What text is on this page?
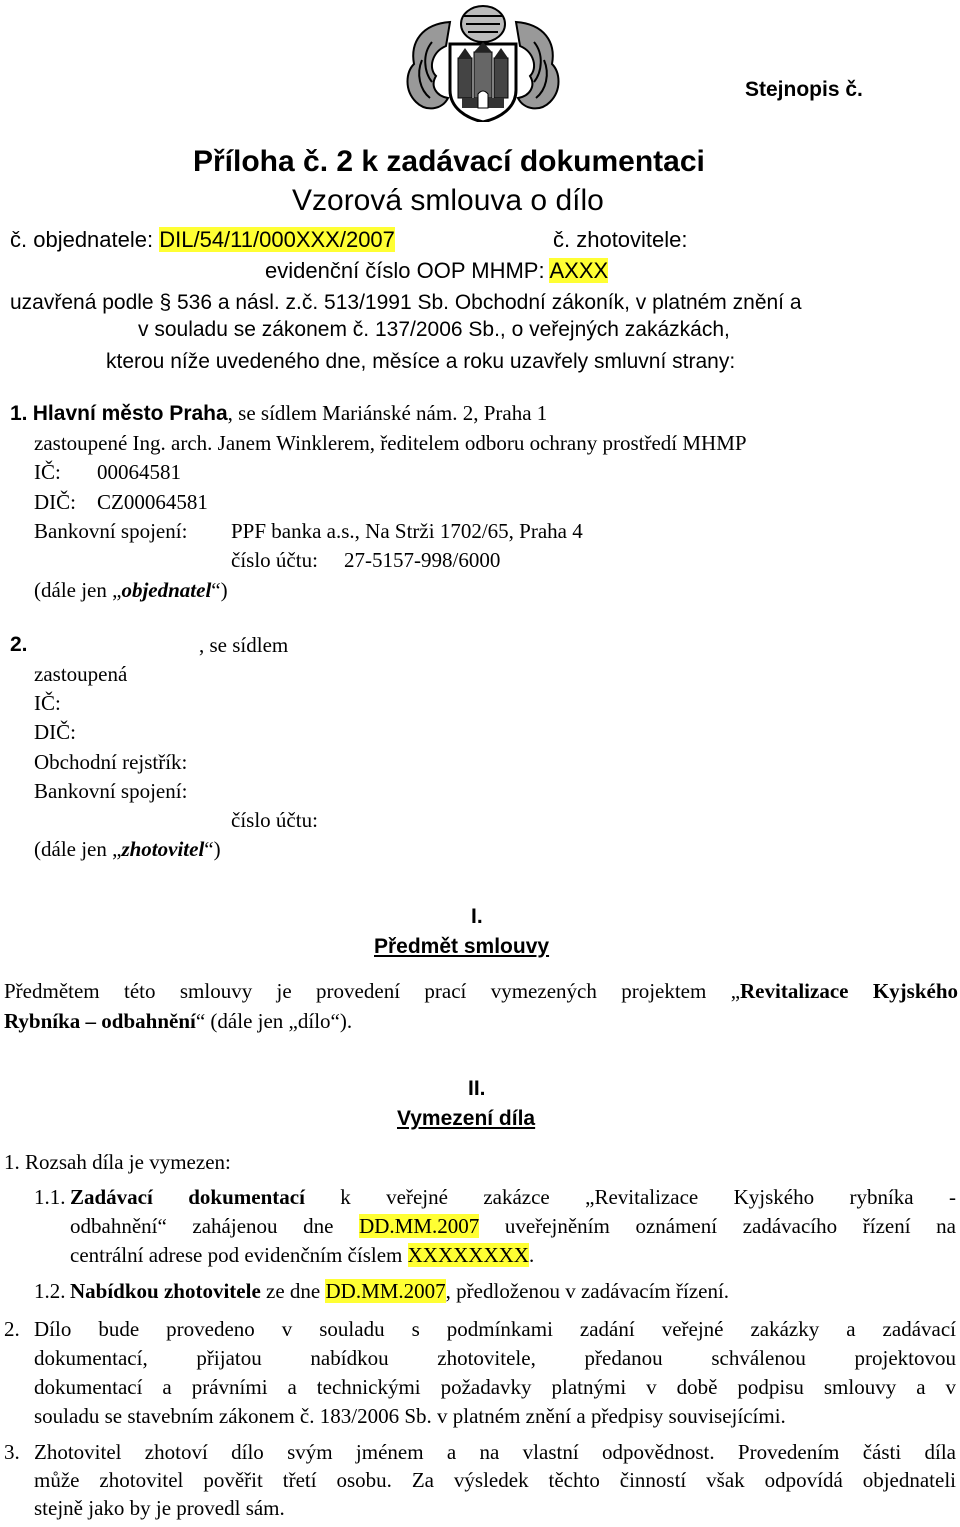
Stejnopis č.
Příloha č. 2 k zadávací dokumentaci
Vzorová smlouva o dílo
č. objednatele: DIL/54/11/000XXX/2007	č. zhotovitele:
evidenční číslo OOP MHMP: AXXX
uzavřená podle § 536 a násl. z.č. 513/1991 Sb. Obchodní zákoník, v platném znění a
v souladu se zákonem č. 137/2006 Sb., o veřejných zakázkách,
kterou níže uvedeného dne, měsíce a roku uzavřely smluvní strany:
1. Hlavní město Praha, se sídlem Mariánské nám. 2, Praha 1
zastoupené Ing. arch. Janem Winklerem, ředitelem odboru ochrany prostředí MHMP
IČ: 00064581
DIČ: CZ00064581
Bankovní spojení: PPF banka a.s., Na Strži 1702/65, Praha 4
číslo účtu: 27-5157-998/6000
(dále jen „objednatel“)
2.	, se sídlem
zastoupená
IČ:
DIČ:
Obchodní rejstřík:
Bankovní spojení:
číslo účtu:
(dále jen „zhotovitel“)
I.
Předmět smlouvy
Předmětem této smlouvy je provedení prací vymezených projektem „Revitalizace Kyjského
Rybníka – odbahnění“ (dále jen „dílo“).
II.
Vymezení díla
1. Rozsah díla je vymezen:
1.1. Zadávací dokumentací k veřejné zakázce „Revitalizace Kyjského rybníka -
odbahnění“ zahájenou dne DD.MM.2007 uveřejněním oznámení zadávacího řízení na
centrální adrese pod evidenčním číslem XXXXXXXX.
1.2. Nabídkou zhotovitele ze dne DD.MM.2007, předloženou v zadávacím řízení.
2. Dílo bude provedeno v souladu s podmínkami zadání veřejné zakázky a zadávací
dokumentací, přijatou nabídkou zhotovitele, předanou schválenou projektovou
dokumentací a právními a technickými požadavky platnými v době podpisu smlouvy a v
souladu se stavebním zákonem č. 183/2006 Sb. v platném znění a předpisy souvisejícími.
3. Zhotovitel zhotoví dílo svým jménem a na vlastní odpovědnost. Provedením části díla
může zhotovitel pověřit třetí osobu. Za výsledek těchto činností však odpovídá objednateli
stejně jako by je provedl sám.
